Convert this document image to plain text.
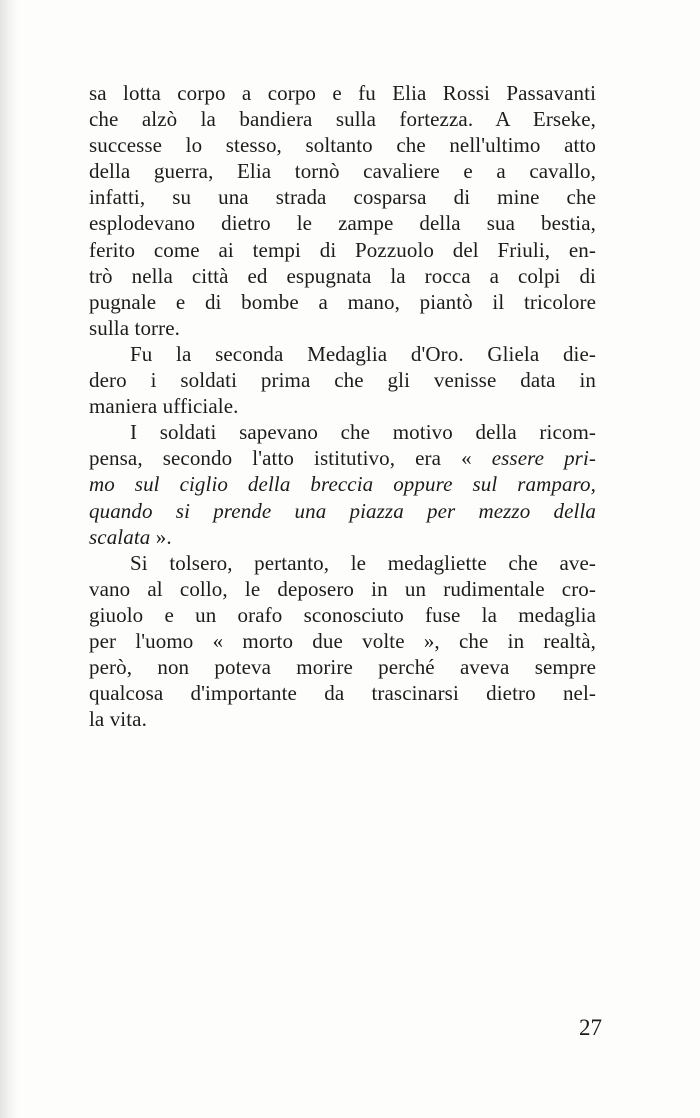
sa lotta corpo a corpo e fu Elia Rossi Passavanti
che alzò la bandiera sulla fortezza. A Erseke,
successe lo stesso, soltanto che nell'ultimo atto
della guerra, Elia tornò cavaliere e a cavallo,
infatti, su una strada cosparsa di mine che
esplodevano dietro le zampe della sua bestia,
ferito come ai tempi di Pozzuolo del Friuli, en-
trò nella città ed espugnata la rocca a colpi di
pugnale e di bombe a mano, piantò il tricolore
sulla torre.

Fu la seconda Medaglia d'Oro. Gliela die-
dero i soldati prima che gli venisse data in
maniera ufficiale.

I soldati sapevano che motivo della ricom-
pensa, secondo l'atto istitutivo, era « essere pri-
mo sul ciglio della breccia oppure sul ramparo,
quando si prende una piazza per mezzo della
scalata ».

Si tolsero, pertanto, le medagliette che ave-
vano al collo, le deposero in un rudimentale cro-
giuolo e un orafo sconosciuto fuse la medaglia
per l'uomo « morto due volte », che in realtà,
però, non poteva morire perché aveva sempre
qualcosa d'importante da trascinarsi dietro nel-
la vita.

27
